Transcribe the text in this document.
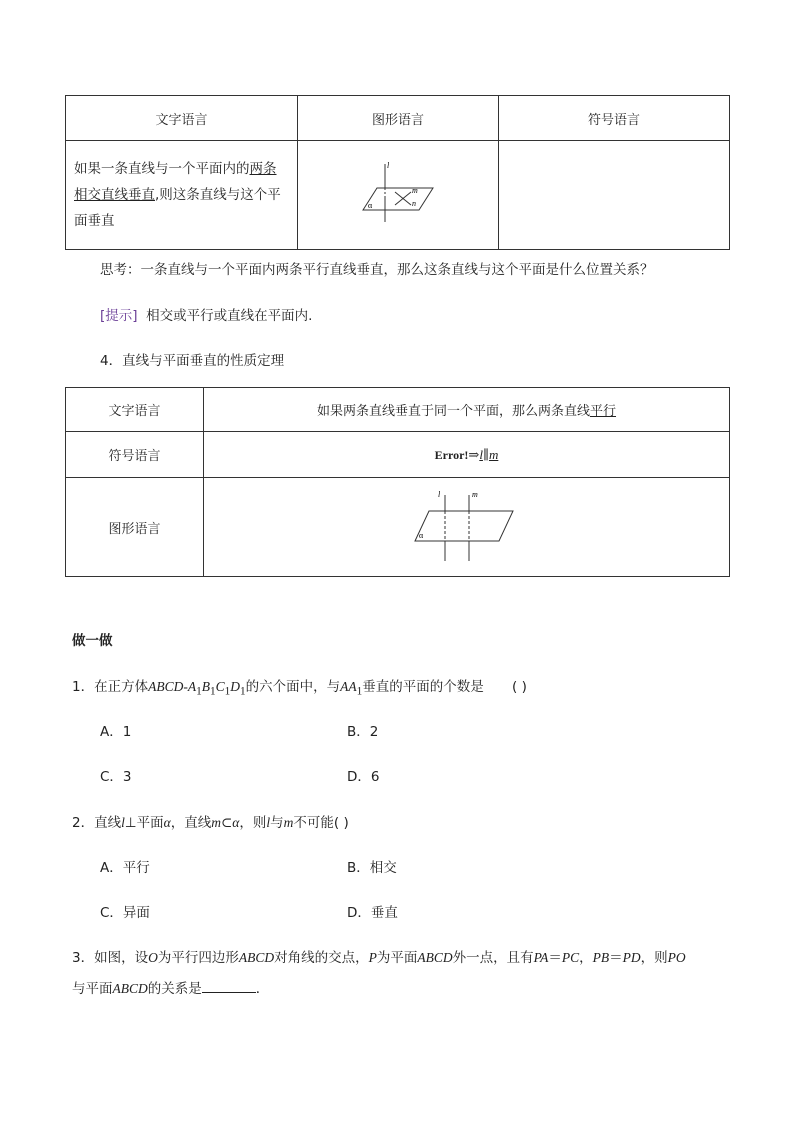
文字语言	图形语言	符号语言
如果一条直线与一个平面内的两条相交直线垂直,则这条直线与这个平面垂直	l
m
n
α	

思考：一条直线与一个平面内两条平行直线垂直，那么这条直线与这个平面是什么位置关系？
[提示] 相交或平行或直线在平面内.
4．直线与平面垂直的性质定理
文字语言	如果两条直线垂直于同一个平面，那么两条直线平行
符号语言	Error!⇒l∥m
图形语言	l m
α
做一做
1．在正方体ABCD-$A_1B_1C_1D_1$的六个面中，与$AA_1$垂直的平面的个数是 ( )
A．1	B．2
C．3	D．6
2．直线l⊥平面α，直线m⊂α，则l与m不可能( )
A．平行	B．相交
C．异面	D．垂直
3．如图，设O为平行四边形ABCD对角线的交点，P为平面ABCD外一点，且有PA＝PC，PB＝PD，则PO
与平面ABCD的关系是	．
